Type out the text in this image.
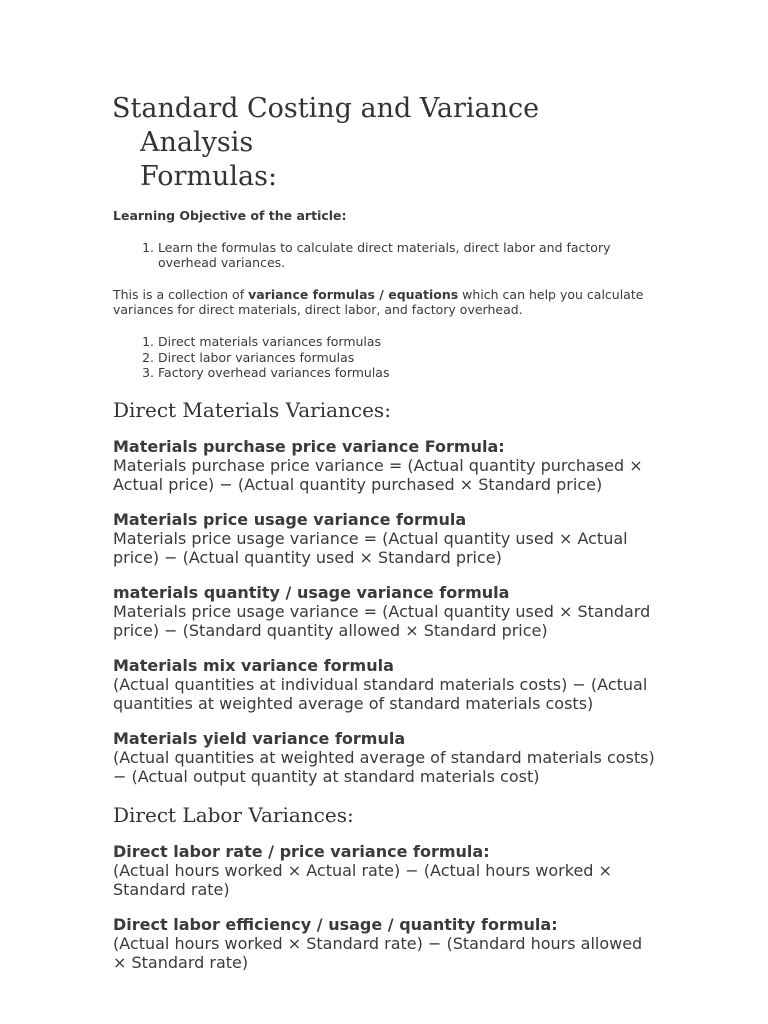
Standard Costing and Variance Analysis
Formulas:

Learning Objective of the article:

1. Learn the formulas to calculate direct materials, direct labor and factory overhead variances.

This is a collection of variance formulas / equations which can help you calculate variances for direct materials, direct labor, and factory overhead.

1. Direct materials variances formulas
2. Direct labor variances formulas
3. Factory overhead variances formulas
Direct Materials Variances:
Materials purchase price variance Formula:
Materials purchase price variance = (Actual quantity purchased × Actual price) − (Actual quantity purchased × Standard price)
Materials price usage variance formula
Materials price usage variance = (Actual quantity used × Actual price) − (Actual quantity used × Standard price)
materials quantity / usage variance formula
Materials price usage variance = (Actual quantity used × Standard price) − (Standard quantity allowed × Standard price)
Materials mix variance formula
(Actual quantities at individual standard materials costs) − (Actual quantities at weighted average of standard materials costs)
Materials yield variance formula
(Actual quantities at weighted average of standard materials costs) − (Actual output quantity at standard materials cost)
Direct Labor Variances:
Direct labor rate / price variance formula:
(Actual hours worked × Actual rate) − (Actual hours worked × Standard rate)
Direct labor efficiency / usage / quantity formula:
(Actual hours worked × Standard rate) − (Standard hours allowed × Standard rate)
